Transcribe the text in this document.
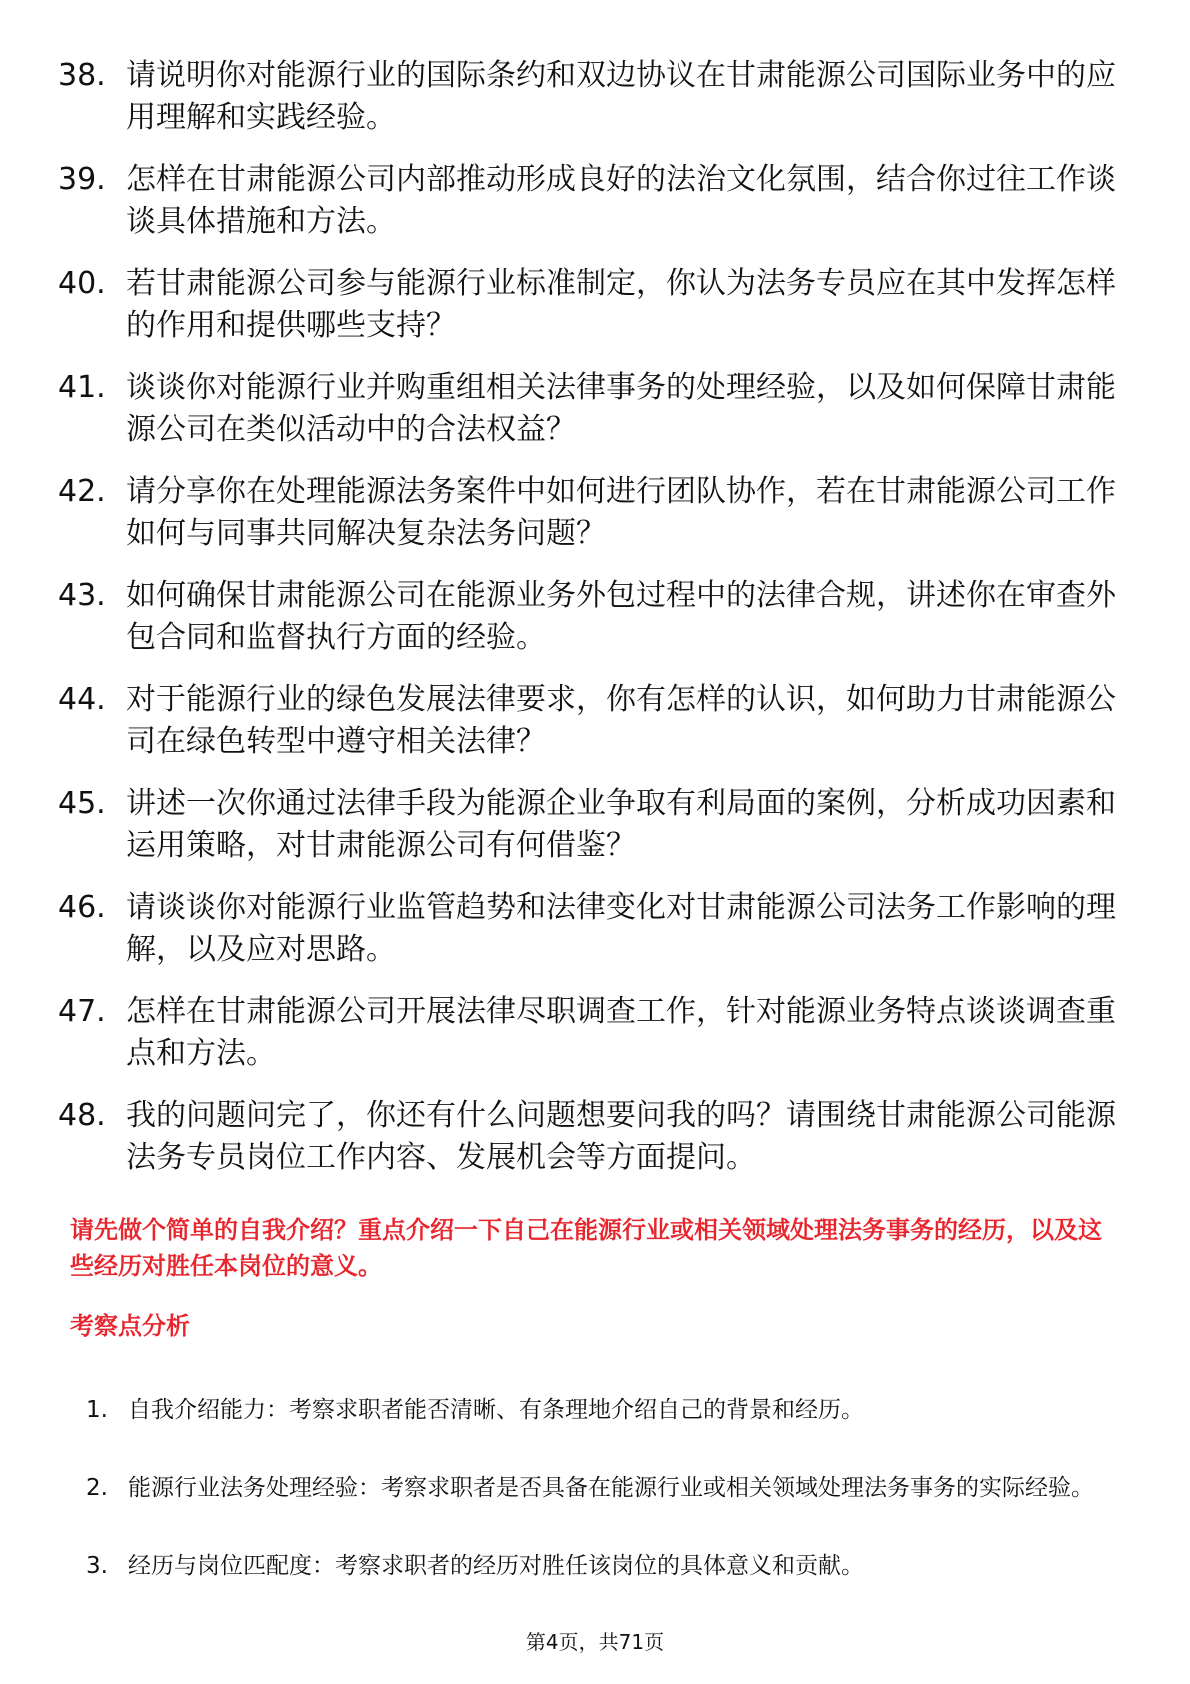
38. 请说明你对能源行业的国际条约和双边协议在甘肃能源公司国际业务中的应用理解和实践经验。
39. 怎样在甘肃能源公司内部推动形成良好的法治文化氛围，结合你过往工作谈谈具体措施和方法。
40. 若甘肃能源公司参与能源行业标准制定，你认为法务专员应在其中发挥怎样的作用和提供哪些支持？
41. 谈谈你对能源行业并购重组相关法律事务的处理经验，以及如何保障甘肃能源公司在类似活动中的合法权益？
42. 请分享你在处理能源法务案件中如何进行团队协作，若在甘肃能源公司工作如何与同事共同解决复杂法务问题？
43. 如何确保甘肃能源公司在能源业务外包过程中的法律合规，讲述你在审查外包合同和监督执行方面的经验。
44. 对于能源行业的绿色发展法律要求，你有怎样的认识，如何助力甘肃能源公司在绿色转型中遵守相关法律？
45. 讲述一次你通过法律手段为能源企业争取有利局面的案例，分析成功因素和运用策略，对甘肃能源公司有何借鉴？
46. 请谈谈你对能源行业监管趋势和法律变化对甘肃能源公司法务工作影响的理解，以及应对思路。
47. 怎样在甘肃能源公司开展法律尽职调查工作，针对能源业务特点谈谈调查重点和方法。
48. 我的问题问完了，你还有什么问题想要问我的吗？请围绕甘肃能源公司能源法务专员岗位工作内容、发展机会等方面提问。
请先做个简单的自我介绍？重点介绍一下自己在能源行业或相关领域处理法务事务的经历，以及这些经历对胜任本岗位的意义。
考察点分析
1. 自我介绍能力：考察求职者能否清晰、有条理地介绍自己的背景和经历。
2. 能源行业法务处理经验：考察求职者是否具备在能源行业或相关领域处理法务事务的实际经验。
3. 经历与岗位匹配度：考察求职者的经历对胜任该岗位的具体意义和贡献。
第4页，共71页
